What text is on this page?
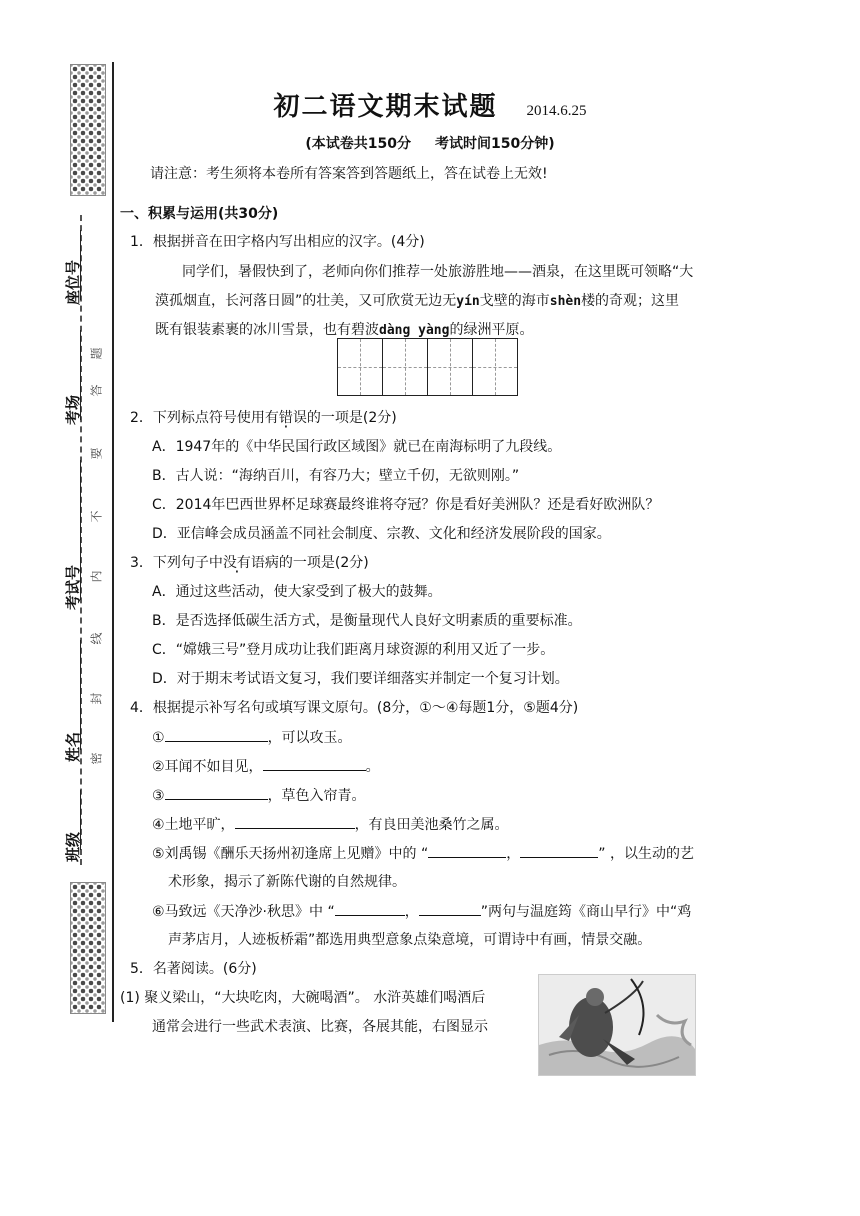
座位号
考场
考试号
姓名
班级
题
答
要
不
内
线
封
密
初二语文期末试题 2014.6.25
(本试卷共150分 考试时间150分钟)
请注意：考生须将本卷所有答案答到答题纸上，答在试卷上无效!
一、积累与运用(共30分)
1．根据拼音在田字格内写出相应的汉字。(4分)
同学们，暑假快到了，老师向你们推荐一处旅游胜地——酒泉，在这里既可领略“大
漠孤烟直，长河落日圆”的壮美，又可欣赏无边无yín戈壁的海市shèn楼的奇观；这里
既有银装素裹的冰川雪景，也有碧波dàng yàng的绿洲平原。
2．下列标点符号使用有错误的一项是(2分)
A．1947年的《中华民国行政区域图》就已在南海标明了九段线。
B．古人说：“海纳百川，有容乃大；壁立千仞，无欲则刚。”
C．2014年巴西世界杯足球赛最终谁将夺冠？你是看好美洲队？还是看好欧洲队？
D．亚信峰会成员涵盖不同社会制度、宗教、文化和经济发展阶段的国家。
3．下列句子中没有语病的一项是(2分)
A．通过这些活动，使大家受到了极大的鼓舞。
B．是否选择低碳生活方式，是衡量现代人良好文明素质的重要标准。
C．“嫦娥三号”登月成功让我们距离月球资源的利用又近了一步。
D．对于期末考试语文复习，我们要详细落实并制定一个复习计划。
4．根据提示补写名句或填写课文原句。(8分，①～④每题1分，⑤题4分)
①	，可以攻玉。
②耳闻不如目见，	。
③	，草色入帘青。
④土地平旷，	，有良田美池桑竹之属。
⑤刘禹锡《酬乐天扬州初逢席上见赠》中的 “	，	” ，以生动的艺
术形象，揭示了新陈代谢的自然规律。
⑥马致远《天净沙·秋思》中 “	，	”两句与温庭筠《商山早行》中“鸡
声茅店月，人迹板桥霜”都选用典型意象点染意境，可谓诗中有画，情景交融。
5．名著阅读。(6分)
(1) 聚义梁山，“大块吃肉，大碗喝酒”。 水浒英雄们喝酒后
通常会进行一些武术表演、比赛，各展其能，右图显示
